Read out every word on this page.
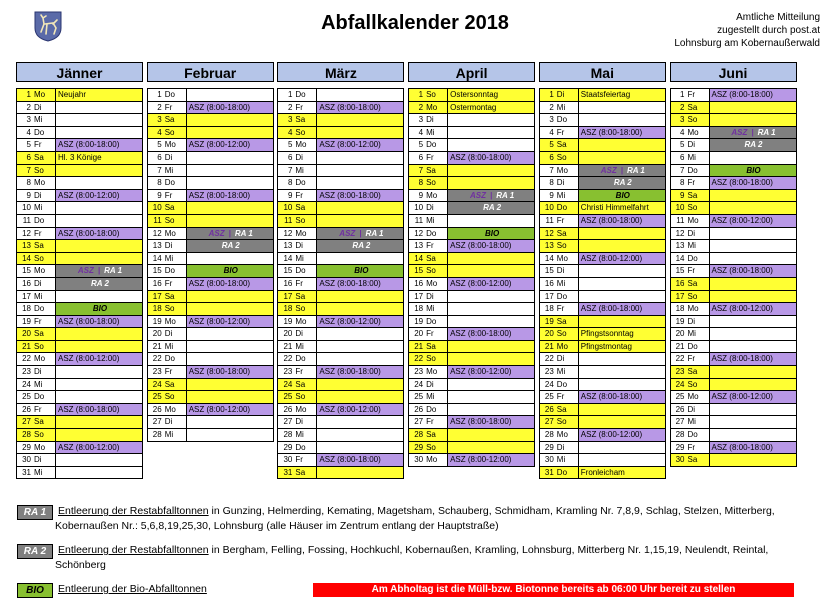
Abfallkalender 2018	Amtliche Mitteilung
zugestellt durch post.at
Lohnsburg am Kobernaußerwald
Jänner
1 Mo	Neujahr
2 Di
3 Mi
4 Do
5 Fr	ASZ (8:00-18:00)
6 Sa	Hl. 3 Könige
7 So
8 Mo
9 Di	ASZ (8:00-12:00)
10 Mi
11 Do
12 Fr	ASZ (8:00-18:00)
13 Sa
14 So
15 Mo	ASZ | RA 1
16 Di	RA 2
17 Mi
18 Do	BIO
19 Fr	ASZ (8:00-18:00)
20 Sa
21 So
22 Mo	ASZ (8:00-12:00)
23 Di
24 Mi
25 Do
26 Fr	ASZ (8:00-18:00)
27 Sa
28 So
29 Mo	ASZ (8:00-12:00)
30 Di
31 Mi
Februar
1 Do
2 Fr	ASZ (8:00-18:00)
3 Sa
4 So
5 Mo	ASZ (8:00-12:00)
6 Di
7 Mi
8 Do
9 Fr	ASZ (8:00-18:00)
10 Sa
11 So
12 Mo	ASZ | RA 1
13 Di	RA 2
14 Mi
15 Do	BIO
16 Fr	ASZ (8:00-18:00)
17 Sa
18 So
19 Mo	ASZ (8:00-12:00)
20 Di
21 Mi
22 Do
23 Fr	ASZ (8:00-18:00)
24 Sa
25 So
26 Mo	ASZ (8:00-12:00)
27 Di
28 Mi
März
1 Do
2 Fr	ASZ (8:00-18:00)
3 Sa
4 So
5 Mo	ASZ (8:00-12:00)
6 Di
7 Mi
8 Do
9 Fr	ASZ (8:00-18:00)
10 Sa
11 So
12 Mo	ASZ | RA 1
13 Di	RA 2
14 Mi
15 Do	BIO
16 Fr	ASZ (8:00-18:00)
17 Sa
18 So
19 Mo	ASZ (8:00-12:00)
20 Di
21 Mi
22 Do
23 Fr	ASZ (8:00-18:00)
24 Sa
25 So
26 Mo	ASZ (8:00-12:00)
27 Di
28 Mi
29 Do
30 Fr	ASZ (8:00-18:00)
31 Sa
April
1 So	Ostersonntag
2 Mo	Ostermontag
3 Di
4 Mi
5 Do
6 Fr	ASZ (8:00-18:00)
7 Sa
8 So
9 Mo	ASZ | RA 1
10 Di	RA 2
11 Mi
12 Do	BIO
13 Fr	ASZ (8:00-18:00)
14 Sa
15 So
16 Mo	ASZ (8:00-12:00)
17 Di
18 Mi
19 Do
20 Fr	ASZ (8:00-18:00)
21 Sa
22 So
23 Mo	ASZ (8:00-12:00)
24 Di
25 Mi
26 Do
27 Fr	ASZ (8:00-18:00)
28 Sa
29 So
30 Mo	ASZ (8:00-12:00)
Mai
1 Di	Staatsfeiertag
2 Mi
3 Do
4 Fr	ASZ (8:00-18:00)
5 Sa
6 So
7 Mo	ASZ | RA 1
8 Di	RA 2
9 Mi	BIO
10 Do	Christi Himmelfahrt
11 Fr	ASZ (8:00-18:00)
12 Sa
13 So
14 Mo	ASZ (8:00-12:00)
15 Di
16 Mi
17 Do
18 Fr	ASZ (8:00-18:00)
19 Sa
20 So	Pfingstsonntag
21 Mo	Pfingstmontag
22 Di
23 Mi
24 Do
25 Fr	ASZ (8:00-18:00)
26 Sa
27 So
28 Mo	ASZ (8:00-12:00)
29 Di
30 Mi
31 Do	Fronleicham
Juni
1 Fr	ASZ (8:00-18:00)
2 Sa
3 So
4 Mo	ASZ | RA 1
5 Di	RA 2
6 Mi
7 Do	BIO
8 Fr	ASZ (8:00-18:00)
9 Sa
10 So
11 Mo	ASZ (8:00-12:00)
12 Di
13 Mi
14 Do
15 Fr	ASZ (8:00-18:00)
16 Sa
17 So
18 Mo	ASZ (8:00-12:00)
19 Di
20 Mi
21 Do
22 Fr	ASZ (8:00-18:00)
23 Sa
24 So
25 Mo	ASZ (8:00-12:00)
26 Di
27 Mi
28 Do
29 Fr	ASZ (8:00-18:00)
30 Sa
RA 1 Entleerung der Restabfalltonnen in Gunzing, Helmerding, Kemating, Magetsham, Schauberg, Schmidham, Kramling Nr. 7,8,9, Schlag, Stelzen, Mitterberg,
Kobernaußen Nr.: 5,6,8,19,25,30, Lohnsburg (alle Häuser im Zentrum entlang der Hauptstraße)
RA 2 Entleerung der Restabfalltonnen in Bergham, Felling, Fossing, Hochkuchl, Kobernaußen, Kramling, Lohnsburg, Mitterberg Nr. 1,15,19, Neulendt, Reintal,
Schönberg
BIO Entleerung der Bio-Abfalltonnen	Am Abholtag ist die Müll-bzw. Biotonne bereits ab 06:00 Uhr bereit zu stellen
